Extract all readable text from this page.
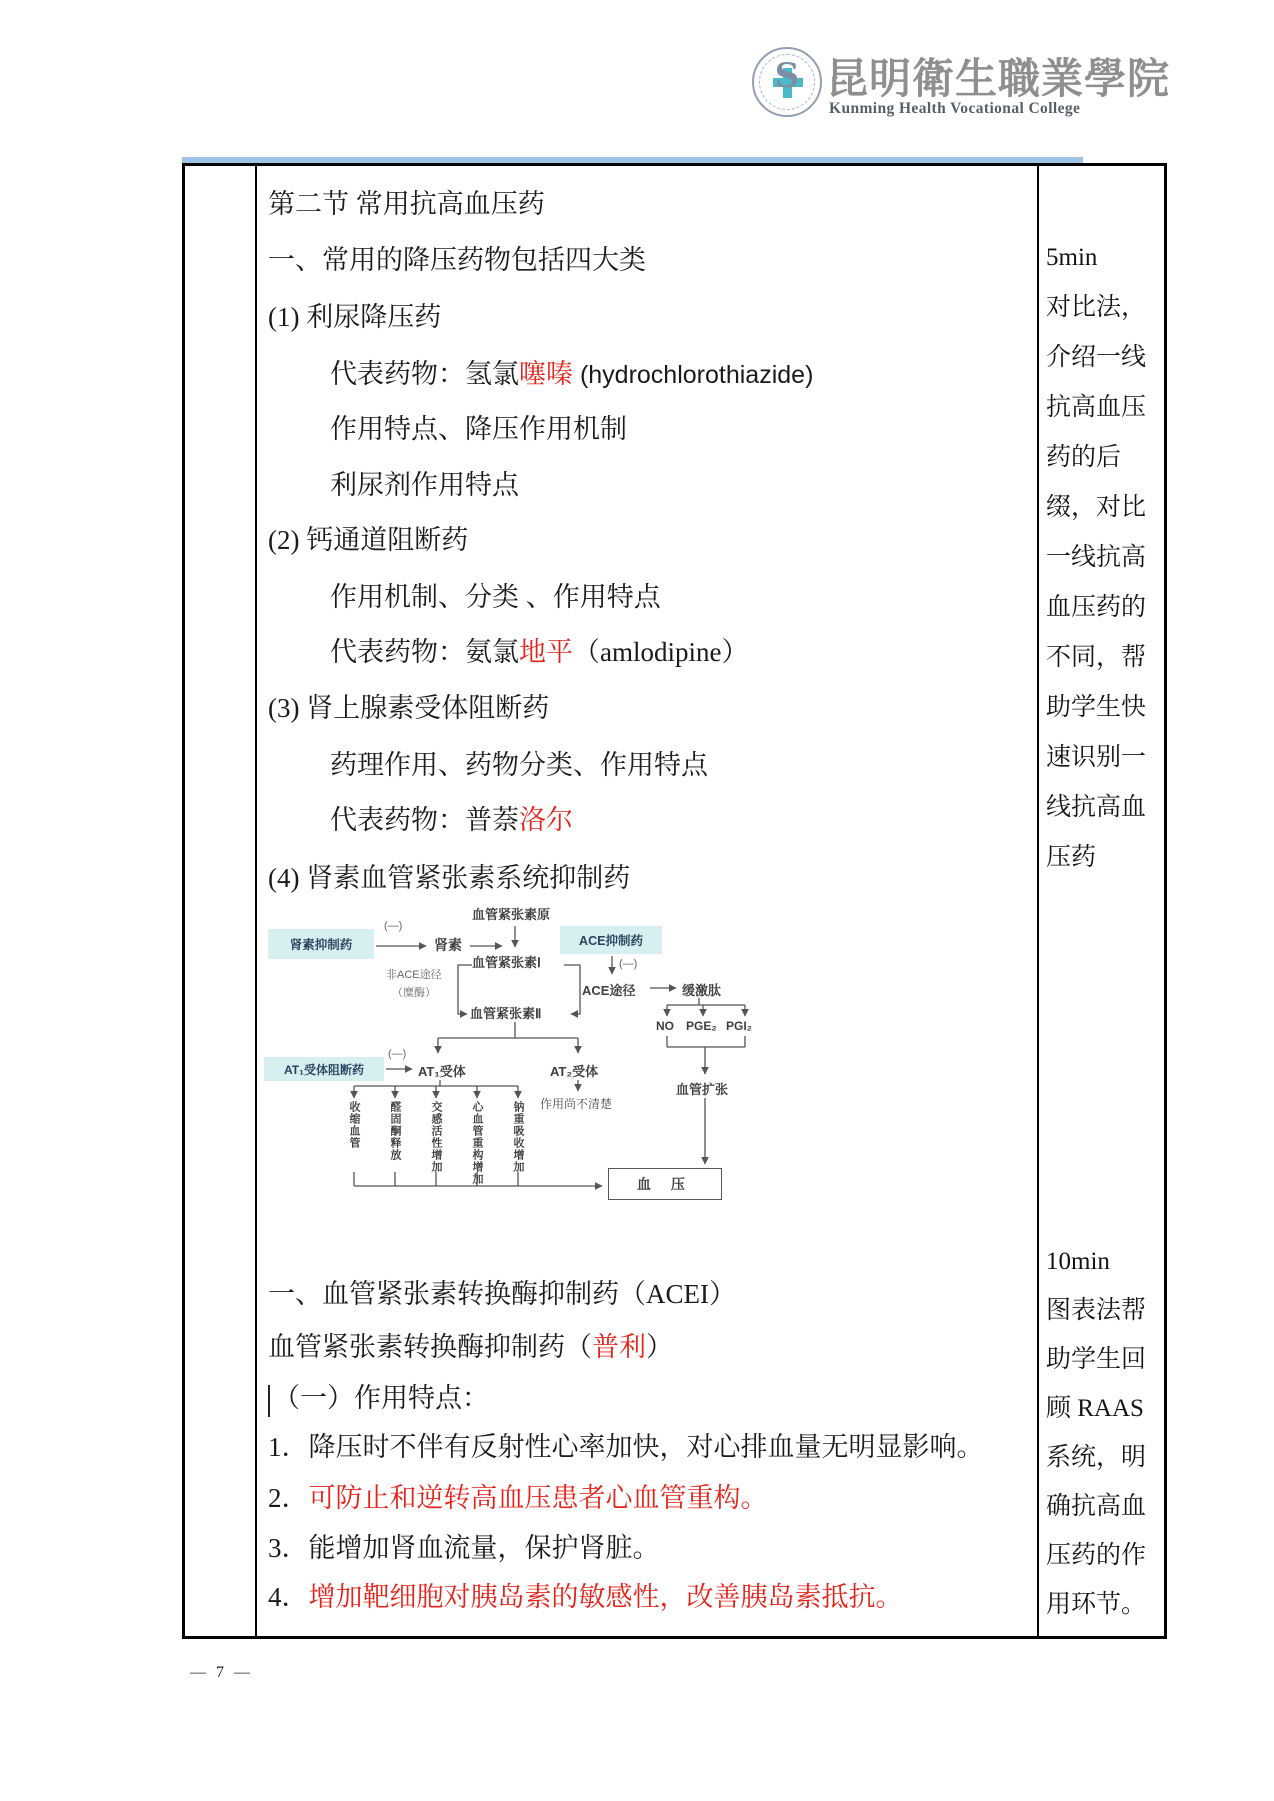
S 昆明衛生職業學院
Kunming Health Vocational College
第二节 常用抗高血压药
一、常用的降压药物包括四大类
(1) 利尿降压药
代表药物：氢氯噻嗪 (hydrochlorothiazide)
作用特点、降压作用机制
利尿剂作用特点
(2) 钙通道阻断药
作用机制、分类 、作用特点
代表药物：氨氯地平（amlodipine）
(3) 肾上腺素受体阻断药
药理作用、药物分类、作用特点
代表药物：普萘洛尔
(4) 肾素血管紧张素系统抑制药
一、血管紧张素转换酶抑制药（ACEI）
血管紧张素转换酶抑制药（普利）
（一）作用特点：
1．降压时不伴有反射性心率加快，对心排血量无明显影响。
2．可防止和逆转高血压患者心血管重构。
3．能增加肾血流量，保护肾脏。
4．增加靶细胞对胰岛素的敏感性，改善胰岛素抵抗。
肾素抑制药
(—)
肾素
血管紧张素原
ACE抑制药
血管紧张素Ⅰ
非ACE途径
（糜酶）
(—)
ACE途径	缓激肽
血管紧张素Ⅱ
NO PGE₂ PGI₂
AT₁受体阻断药
(—)
AT₁受体	AT₂受体
作用尚不清楚
收缩血管	醛固酮释放	交感活性增加	心血管重构增加	钠重吸收增加
血管扩张
血 压
5min
对比法，
介绍一线
抗高血压
药的后
缀，对比
一线抗高
血压药的
不同，帮
助学生快
速识别一
线抗高血
压药
10min
图表法帮
助学生回
顾 RAAS
系统，明
确抗高血
压药的作
用环节。
— 7 —
